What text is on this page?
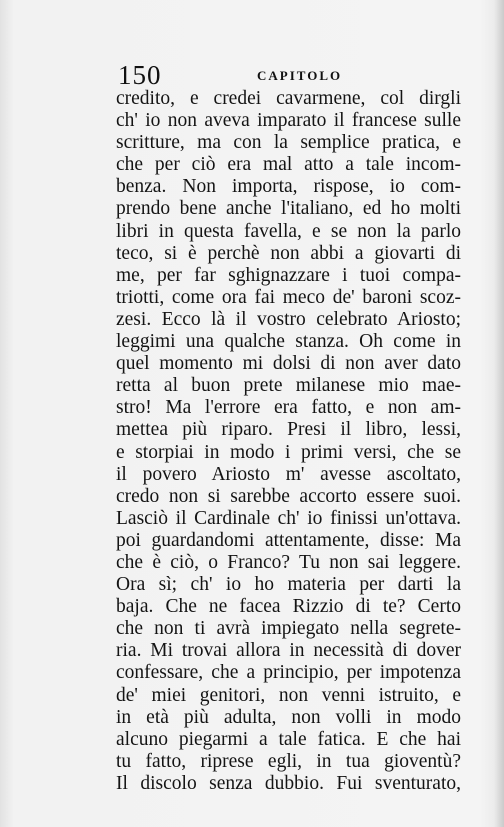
150	CAPITOLO
credito, e credei cavarmene, col dirgli
ch' io non aveva imparato il francese sulle
scritture, ma con la semplice pratica, e
che per ciò era mal atto a tale incom-
benza. Non importa, rispose, io com-
prendo bene anche l'italiano, ed ho molti
libri in questa favella, e se non la parlo
teco, si è perchè non abbi a giovarti di
me, per far sghignazzare i tuoi compa-
triotti, come ora fai meco de' baroni scoz-
zesi. Ecco là il vostro celebrato Ariosto;
leggimi una qualche stanza. Oh come in
quel momento mi dolsi di non aver dato
retta al buon prete milanese mio mae-
stro! Ma l'errore era fatto, e non am-
mettea più riparo. Presi il libro, lessi,
e storpiai in modo i primi versi, che se
il povero Ariosto m' avesse ascoltato,
credo non si sarebbe accorto essere suoi.
Lasciò il Cardinale ch' io finissi un'ottava.
poi guardandomi attentamente, disse: Ma
che è ciò, o Franco? Tu non sai leggere.
Ora sì; ch' io ho materia per darti la
baja. Che ne facea Rizzio di te? Certo
che non ti avrà impiegato nella segrete-
ria. Mi trovai allora in necessità di dover
confessare, che a principio, per impotenza
de' miei genitori, non venni istruito, e
in età più adulta, non volli in modo
alcuno piegarmi a tale fatica. E che hai
tu fatto, riprese egli, in tua gioventù?
Il discolo senza dubbio. Fui sventurato,
